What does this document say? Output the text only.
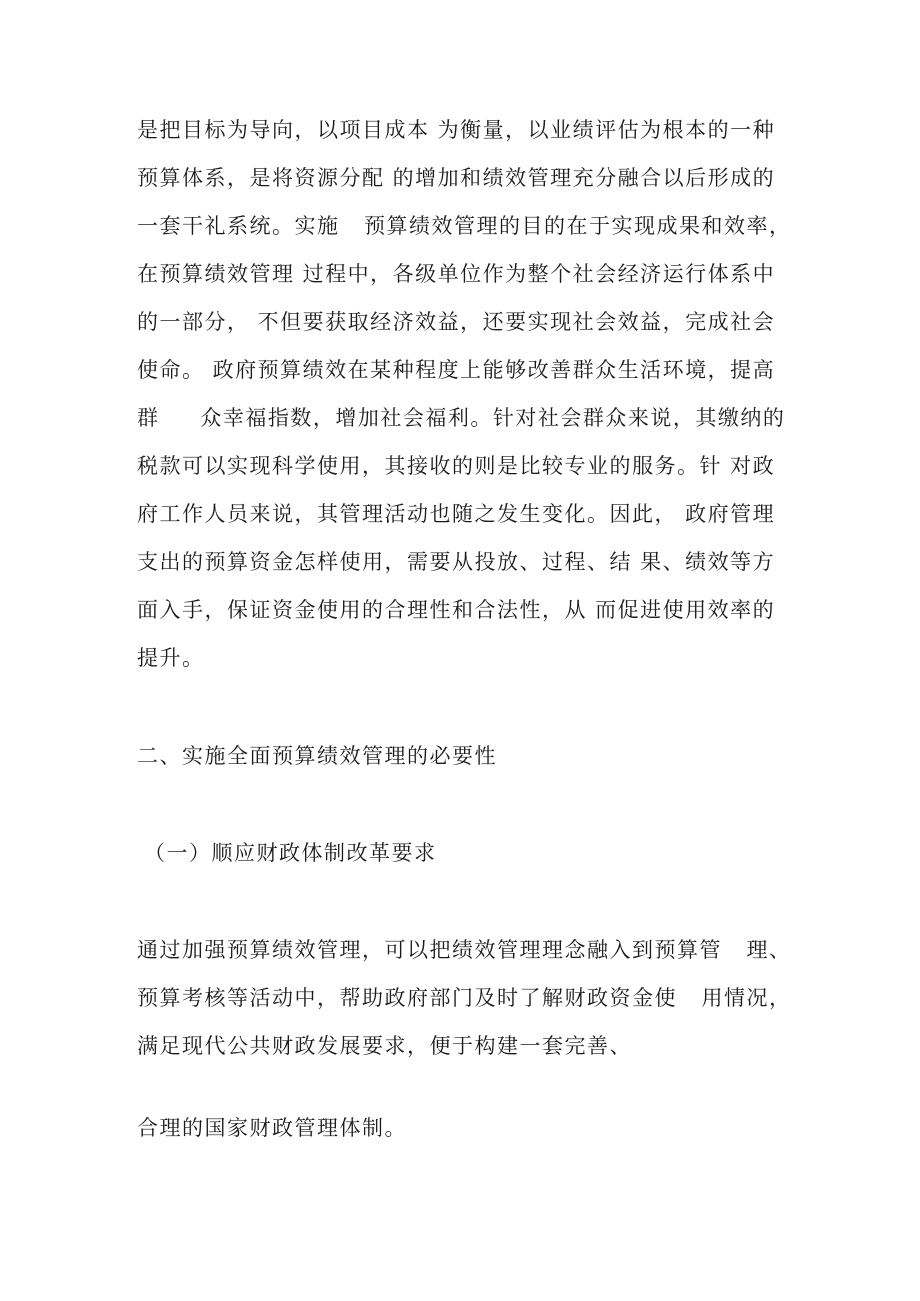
是把目标为导向，以项目成本 为衡量，以业绩评估为根本的一种
预算体系，是将资源分配 的增加和绩效管理充分融合以后形成的
一套干礼系统。实施   预算绩效管理的目的在于实现成果和效率，
在预算绩效管理 过程中，各级单位作为整个社会经济运行体系中
的一部分， 不但要获取经济效益，还要实现社会效益，完成社会
使命。 政府预算绩效在某种程度上能够改善群众生活环境，提高
群     众幸福指数，增加社会福利。针对社会群众来说，其缴纳的
税款可以实现科学使用，其接收的则是比较专业的服务。针 对政
府工作人员来说，其管理活动也随之发生变化。因此， 政府管理
支出的预算资金怎样使用，需要从投放、过程、结 果、绩效等方
面入手，保证资金使用的合理性和合法性，从 而促进使用效率的
提升。
二、实施全面预算绩效管理的必要性
（一）顺应财政体制改革要求
通过加强预算绩效管理，可以把绩效管理理念融入到预算管   理、
预算考核等活动中，帮助政府部门及时了解财政资金使   用情况，
满足现代公共财政发展要求，便于构建一套完善、
合理的国家财政管理体制。
